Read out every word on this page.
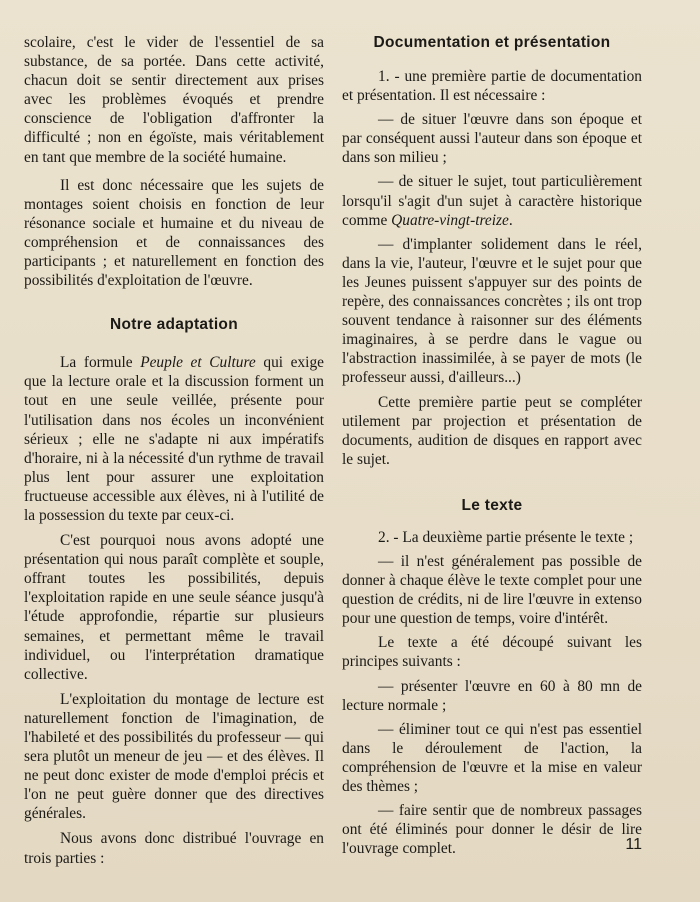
scolaire, c'est le vider de l'essentiel de sa substance, de sa portée. Dans cette activité, chacun doit se sentir directement aux prises avec les problèmes évoqués et prendre conscience de l'obligation d'affronter la difficulté ; non en égoïste, mais véritablement en tant que membre de la société humaine.

Il est donc nécessaire que les sujets de montages soient choisis en fonction de leur résonance sociale et humaine et du niveau de compréhension et de connaissances des participants ; et naturellement en fonction des possibilités d'exploitation de l'œuvre.

Notre adaptation

La formule Peuple et Culture qui exige que la lecture orale et la discussion forment un tout en une seule veillée, présente pour l'utilisation dans nos écoles un inconvénient sérieux ; elle ne s'adapte ni aux impératifs d'horaire, ni à la nécessité d'un rythme de travail plus lent pour assurer une exploitation fructueuse accessible aux élèves, ni à l'utilité de la possession du texte par ceux-ci.

C'est pourquoi nous avons adopté une présentation qui nous paraît complète et souple, offrant toutes les possibilités, depuis l'exploitation rapide en une seule séance jusqu'à l'étude approfondie, répartie sur plusieurs semaines, et permettant même le travail individuel, ou l'interprétation dramatique collective.

L'exploitation du montage de lecture est naturellement fonction de l'imagination, de l'habileté et des possibilités du professeur — qui sera plutôt un meneur de jeu — et des élèves. Il ne peut donc exister de mode d'emploi précis et l'on ne peut guère donner que des directives générales.

Nous avons donc distribué l'ouvrage en trois parties :

Documentation et présentation

1. - une première partie de documentation et présentation. Il est nécessaire :

— de situer l'œuvre dans son époque et par conséquent aussi l'auteur dans son époque et dans son milieu ;

— de situer le sujet, tout particulièrement lorsqu'il s'agit d'un sujet à caractère historique comme Quatre-vingt-treize.

— d'implanter solidement dans le réel, dans la vie, l'auteur, l'œuvre et le sujet pour que les Jeunes puissent s'appuyer sur des points de repère, des connaissances concrètes ; ils ont trop souvent tendance à raisonner sur des éléments imaginaires, à se perdre dans le vague ou l'abstraction inassimilée, à se payer de mots (le professeur aussi, d'ailleurs...)

Cette première partie peut se compléter utilement par projection et présentation de documents, audition de disques en rapport avec le sujet.

Le texte

2. - La deuxième partie présente le texte ;

— il n'est généralement pas possible de donner à chaque élève le texte complet pour une question de crédits, ni de lire l'œuvre in extenso pour une question de temps, voire d'intérêt.

Le texte a été découpé suivant les principes suivants :

— présenter l'œuvre en 60 à 80 mn de lecture normale ;

— éliminer tout ce qui n'est pas essentiel dans le déroulement de l'action, la compréhension de l'œuvre et la mise en valeur des thèmes ;

— faire sentir que de nombreux passages ont été éliminés pour donner le désir de lire l'ouvrage complet.	11
